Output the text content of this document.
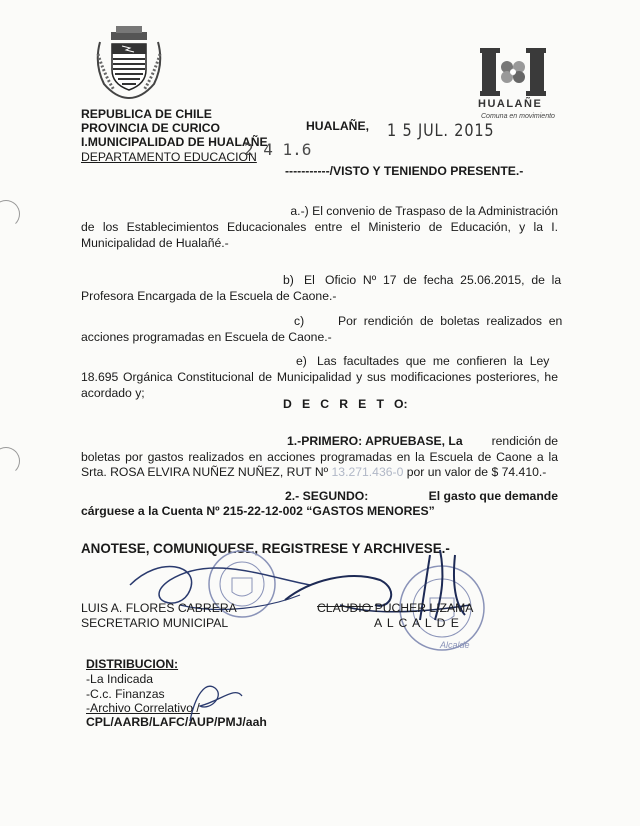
HUALAÑE
Comuna en movimiento
REPUBLICA DE CHILE
PROVINCIA DE CURICO
I.MUNICIPALIDAD DE HUALAÑE
DEPARTAMENTO EDUCACION
HUALAÑE,
2 4 1.6
1 5 JUL. 2015
-----------/VISTO Y TENIENDO PRESENTE.-
a.-) El convenio de Traspaso de la Administración
de los Establecimientos Educacionales entre el Ministerio de Educación, y la I. Municipalidad de Hualañé.-
b)   El   Oficio  Nº  17  de  fecha  25.06.2015,  de  la
Profesora Encargada de la Escuela de Caone.-
c)          Por  rendición  de  boletas  realizados  en
acciones programadas en Escuela de Caone.-
e)   Las  facultades  que  me  confieren  la  Ley
18.695 Orgánica Constitucional de Municipalidad y sus modificaciones posteriores, he acordado y;
D   E   C   R   E   T   O:
1.-PRIMERO: APRUEBASE, La rendición de
boletas por gastos realizados en acciones programadas en la Escuela de Caone a la
Srta. ROSA ELVIRA NUÑEZ NUÑEZ, RUT Nº 13.271.436-0 por un valor de $ 74.410.-
2.- SEGUNDO:	El gasto que demande
cárguese a la Cuenta Nº 215-22-12-002 “GASTOS MENORES”
ANOTESE, COMUNIQUESE, REGISTRESE Y ARCHIVESE.-
Alcalde
LUIS A. FLORES CABRERA
SECRETARIO MUNICIPAL
CLAUDIO PUCHER LIZAMA
A L C A L D E
DISTRIBUCION:
-La Indicada
-C.c. Finanzas
-Archivo Correlativo /
CPL/AARB/LAFC/AUP/PMJ/aah
